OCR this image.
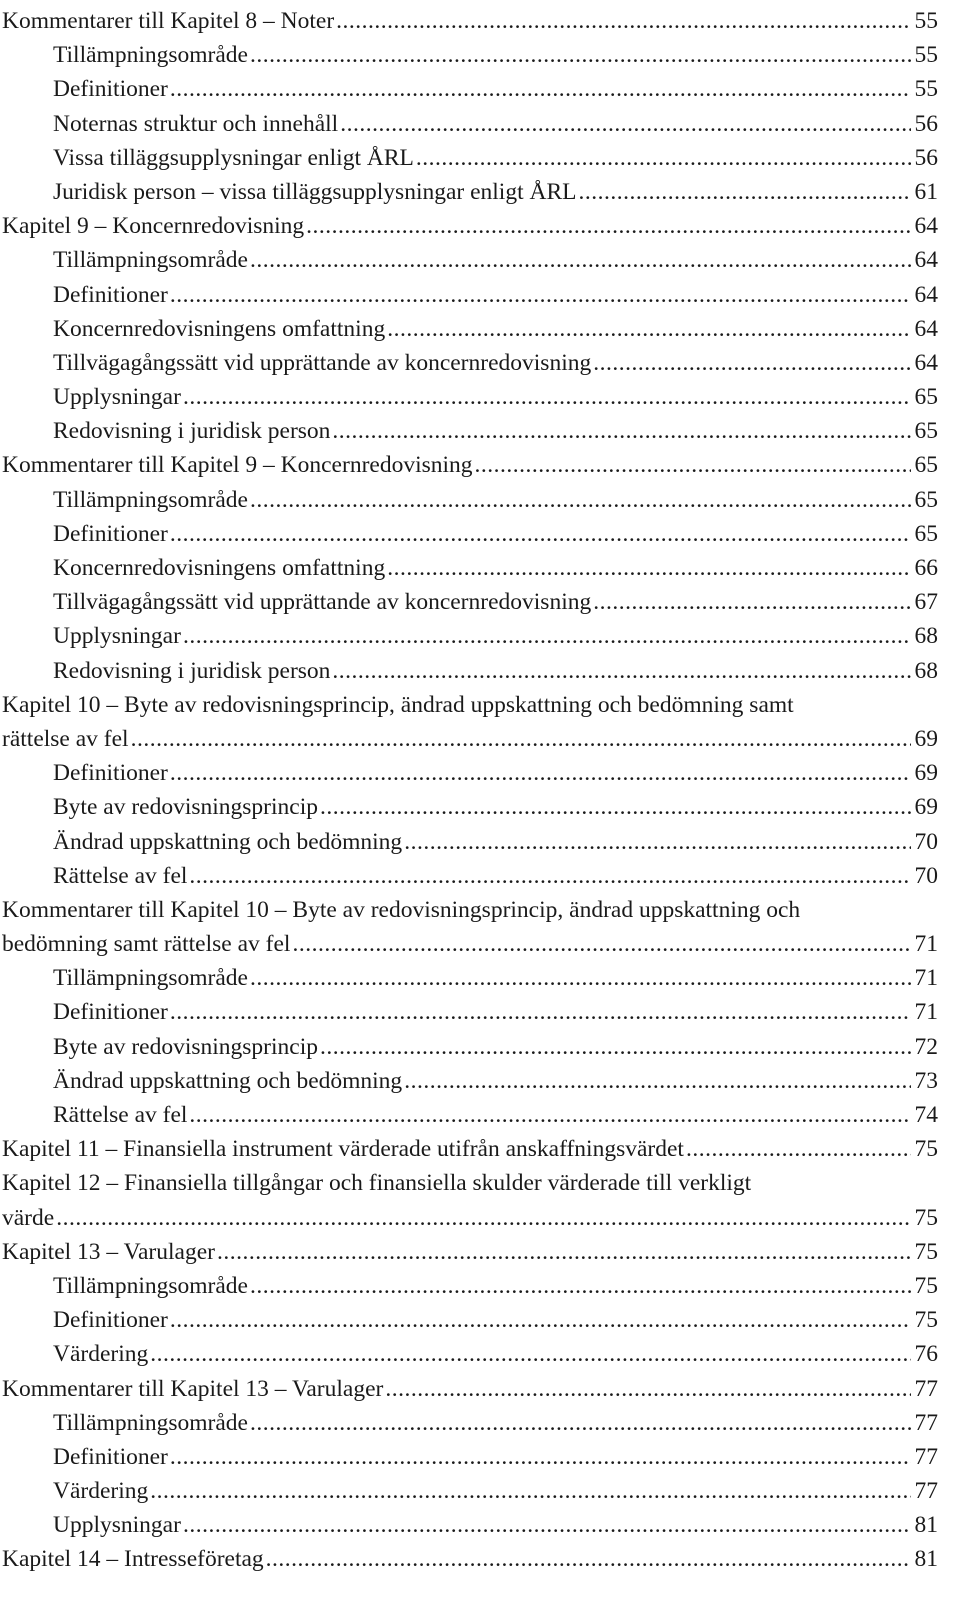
Kommentarer till Kapitel 8 – Noter .....	55
Tillämpningsområde .....	55
Definitioner .....	55
Noternas struktur och innehåll .....	56
Vissa tilläggsupplysningar enligt ÅRL .....	56
Juridisk person – vissa tilläggsupplysningar enligt ÅRL .....	61
Kapitel 9 – Koncernredovisning .....	64
Tillämpningsområde .....	64
Definitioner .....	64
Koncernredovisningens omfattning .....	64
Tillvägagångssätt vid upprättande av koncernredovisning .....	64
Upplysningar .....	65
Redovisning i juridisk person .....	65
Kommentarer till Kapitel 9 – Koncernredovisning .....	65
Tillämpningsområde .....	65
Definitioner .....	65
Koncernredovisningens omfattning .....	66
Tillvägagångssätt vid upprättande av koncernredovisning .....	67
Upplysningar .....	68
Redovisning i juridisk person .....	68
Kapitel 10 – Byte av redovisningsprincip, ändrad uppskattning och bedömning samt
rättelse av fel .....	69
Definitioner .....	69
Byte av redovisningsprincip .....	69
Ändrad uppskattning och bedömning .....	70
Rättelse av fel .....	70
Kommentarer till Kapitel 10 – Byte av redovisningsprincip, ändrad uppskattning och
bedömning samt rättelse av fel .....	71
Tillämpningsområde .....	71
Definitioner .....	71
Byte av redovisningsprincip .....	72
Ändrad uppskattning och bedömning .....	73
Rättelse av fel .....	74
Kapitel 11 – Finansiella instrument värderade utifrån anskaffningsvärdet .....	75
Kapitel 12 – Finansiella tillgångar och finansiella skulder värderade till verkligt
värde .....	75
Kapitel 13 – Varulager .....	75
Tillämpningsområde .....	75
Definitioner .....	75
Värdering .....	76
Kommentarer till Kapitel 13 – Varulager .....	77
Tillämpningsområde .....	77
Definitioner .....	77
Värdering .....	77
Upplysningar .....	81
Kapitel 14 – Intresseföretag .....	81
